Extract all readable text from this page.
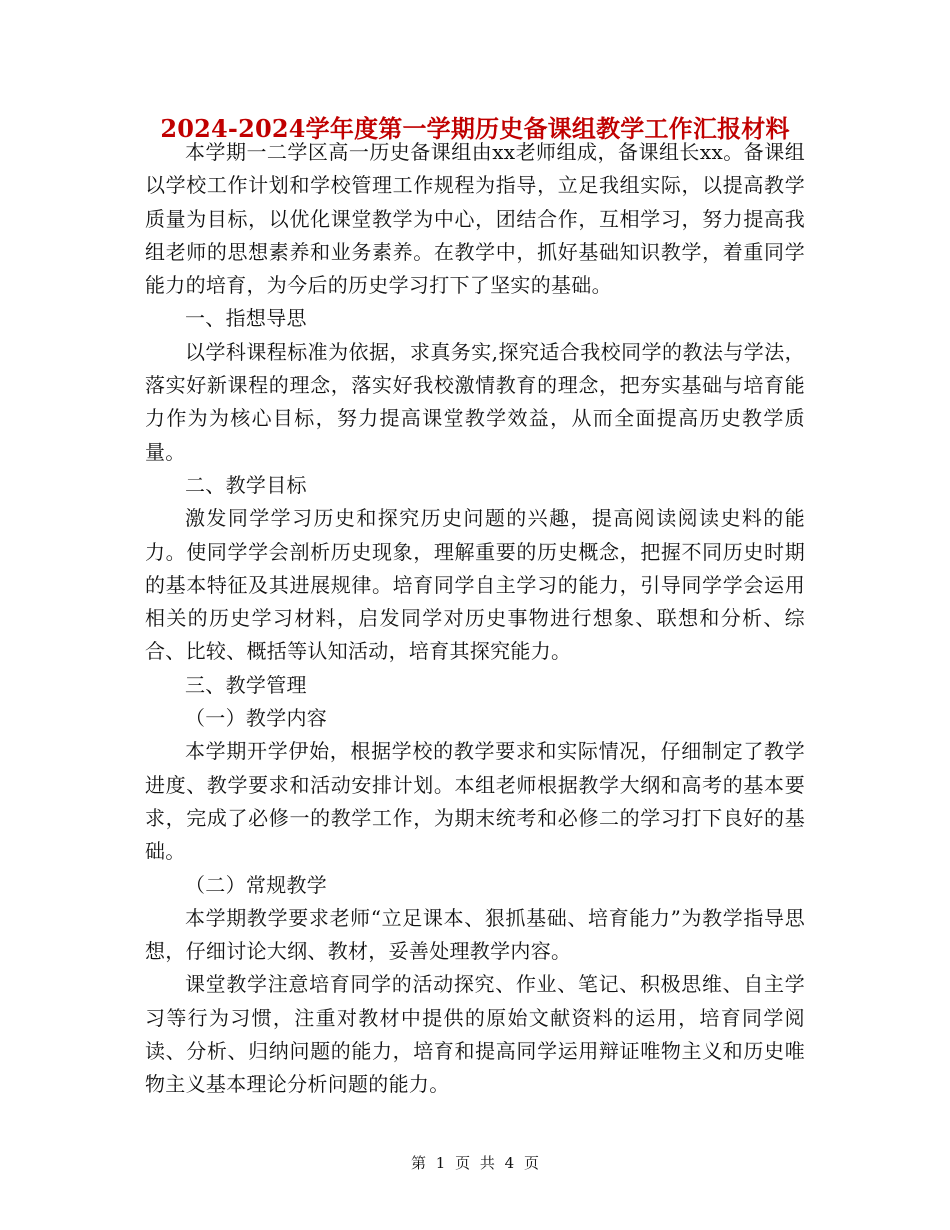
2024-2024学年度第一学期历史备课组教学工作汇报材料

本学期一二学区高一历史备课组由xx老师组成，备课组长xx。备课组以学校工作计划和学校管理工作规程为指导，立足我组实际，以提高教学质量为目标，以优化课堂教学为中心，团结合作，互相学习，努力提高我组老师的思想素养和业务素养。在教学中，抓好基础知识教学，着重同学能力的培育，为今后的历史学习打下了坚实的基础。

一、指想导思

以学科课程标准为依据，求真务实,探究适合我校同学的教法与学法，落实好新课程的理念，落实好我校激情教育的理念，把夯实基础与培育能力作为为核心目标，努力提高课堂教学效益，从而全面提高历史教学质量。

二、教学目标

激发同学学习历史和探究历史问题的兴趣，提高阅读阅读史料的能力。使同学学会剖析历史现象，理解重要的历史概念，把握不同历史时期的基本特征及其进展规律。培育同学自主学习的能力，引导同学学会运用相关的历史学习材料，启发同学对历史事物进行想象、联想和分析、综合、比较、概括等认知活动，培育其探究能力。

三、教学管理

（一）教学内容

本学期开学伊始，根据学校的教学要求和实际情况，仔细制定了教学进度、教学要求和活动安排计划。本组老师根据教学大纲和高考的基本要求，完成了必修一的教学工作，为期末统考和必修二的学习打下良好的基础。

（二）常规教学

本学期教学要求老师“立足课本、狠抓基础、培育能力”为教学指导思想，仔细讨论大纲、教材，妥善处理教学内容。

课堂教学注意培育同学的活动探究、作业、笔记、积极思维、自主学习等行为习惯，注重对教材中提供的原始文献资料的运用，培育同学阅读、分析、归纳问题的能力，培育和提高同学运用辩证唯物主义和历史唯物主义基本理论分析问题的能力。

第 1 页 共 4 页
